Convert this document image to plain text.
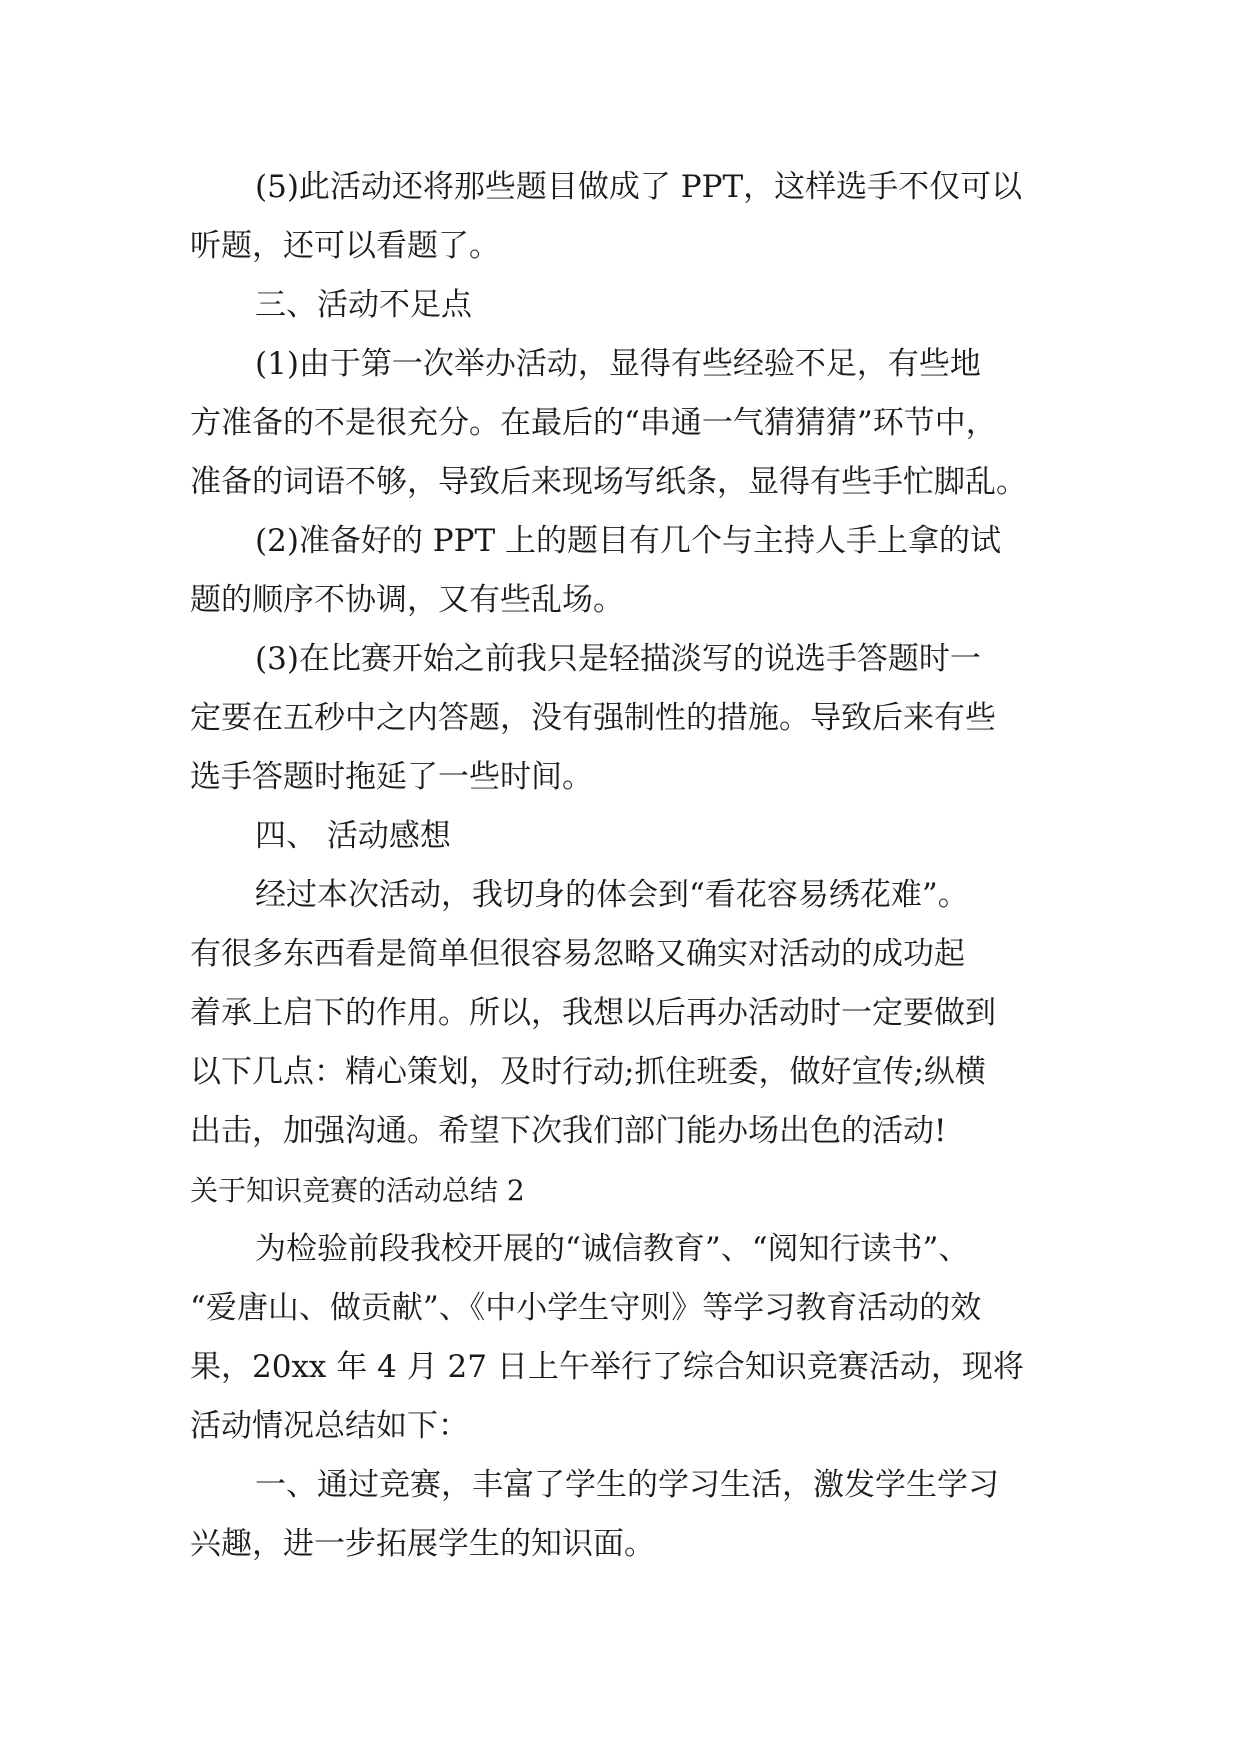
(5)此活动还将那些题目做成了 PPT，这样选手不仅可以
听题，还可以看题了。
三、活动不足点
(1)由于第一次举办活动，显得有些经验不足，有些地
方准备的不是很充分。在最后的“串通一气猜猜猜”环节中，
准备的词语不够，导致后来现场写纸条，显得有些手忙脚乱。
(2)准备好的 PPT 上的题目有几个与主持人手上拿的试
题的顺序不协调，又有些乱场。
(3)在比赛开始之前我只是轻描淡写的说选手答题时一
定要在五秒中之内答题，没有强制性的措施。导致后来有些
选手答题时拖延了一些时间。
四、 活动感想
经过本次活动，我切身的体会到“看花容易绣花难”。
有很多东西看是简单但很容易忽略又确实对活动的成功起
着承上启下的作用。所以，我想以后再办活动时一定要做到
以下几点：精心策划，及时行动;抓住班委，做好宣传;纵横
出击，加强沟通。希望下次我们部门能办场出色的活动!
关于知识竞赛的活动总结 2
为检验前段我校开展的“诚信教育”、“阅知行读书”、
“爱唐山、做贡献”、《中小学生守则》等学习教育活动的效
果，20xx 年 4 月 27 日上午举行了综合知识竞赛活动，现将
活动情况总结如下：
一、通过竞赛，丰富了学生的学习生活，激发学生学习
兴趣，进一步拓展学生的知识面。
